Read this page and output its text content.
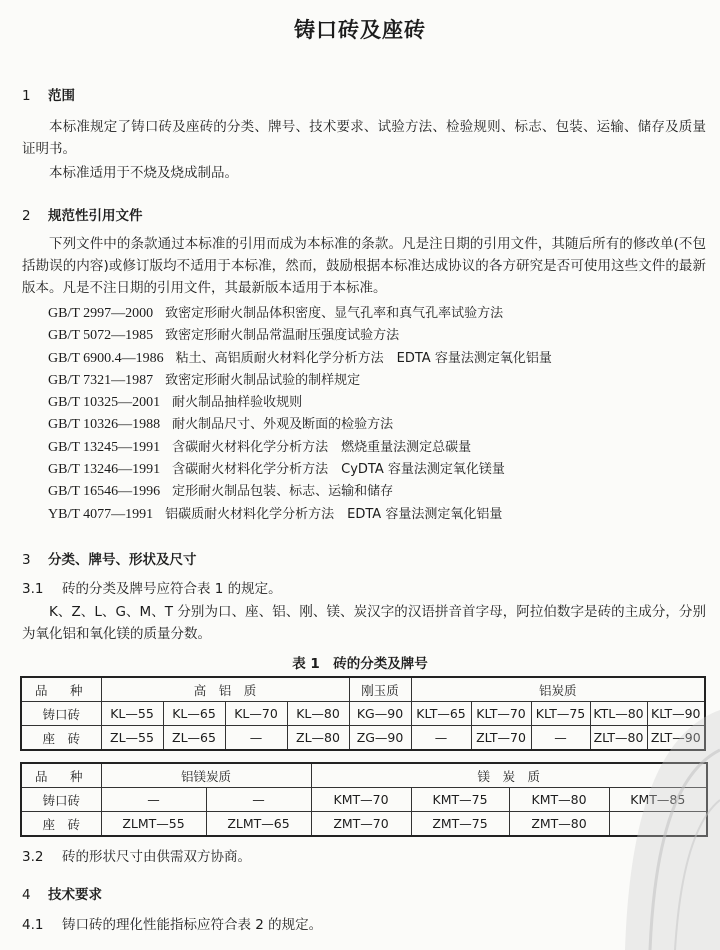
铸口砖及座砖
1 范围
本标准规定了铸口砖及座砖的分类、牌号、技术要求、试验方法、检验规则、标志、包装、运输、储存及质量证明书。
本标准适用于不烧及烧成制品。
2 规范性引用文件
下列文件中的条款通过本标准的引用而成为本标准的条款。凡是注日期的引用文件，其随后所有的修改单(不包括勘误的内容)或修订版均不适用于本标准，然而，鼓励根据本标准达成协议的各方研究是否可使用这些文件的最新版本。凡是不注日期的引用文件，其最新版本适用于本标准。
GB/T 2997—2000 致密定形耐火制品体积密度、显气孔率和真气孔率试验方法
GB/T 5072—1985 致密定形耐火制品常温耐压强度试验方法
GB/T 6900.4—1986 粘土、高铝质耐火材料化学分析方法　EDTA 容量法测定氧化铝量
GB/T 7321—1987 致密定形耐火制品试验的制样规定
GB/T 10325—2001 耐火制品抽样验收规则
GB/T 10326—1988 耐火制品尺寸、外观及断面的检验方法
GB/T 13245—1991 含碳耐火材料化学分析方法　燃烧重量法测定总碳量
GB/T 13246—1991 含碳耐火材料化学分析方法　CyDTA 容量法测定氧化镁量
GB/T 16546—1996 定形耐火制品包装、标志、运输和储存
YB/T 4077—1991 铝碳质耐火材料化学分析方法　EDTA 容量法测定氧化铝量
3 分类、牌号、形状及尺寸
3.1 砖的分类及牌号应符合表 1 的规定。
K、Z、L、G、M、T 分别为口、座、铝、刚、镁、炭汉字的汉语拼音首字母，阿拉伯数字是砖的主成分，分别为氧化铝和氧化镁的质量分数。
表 1　砖的分类及牌号
品　种	高　铝　质				刚玉质	铝炭质				
铸口砖	KL—55	KL—65	KL—70	KL—80	KG—90	KLT—65	KLT—70	KLT—75	KTL—80	KLT—90
座　砖	ZL—55	ZL—65	—	ZL—80	ZG—90	—	ZLT—70	—	ZLT—80	ZLT—90
品　种	铝镁炭质		镁　炭　质			
铸口砖	—	—	KMT—70	KMT—75	KMT—80	KMT—85
座　砖	ZLMT—55	ZLMT—65	ZMT—70	ZMT—75	ZMT—80	
3.2 砖的形状尺寸由供需双方协商。
4 技术要求
4.1 铸口砖的理化性能指标应符合表 2 的规定。
